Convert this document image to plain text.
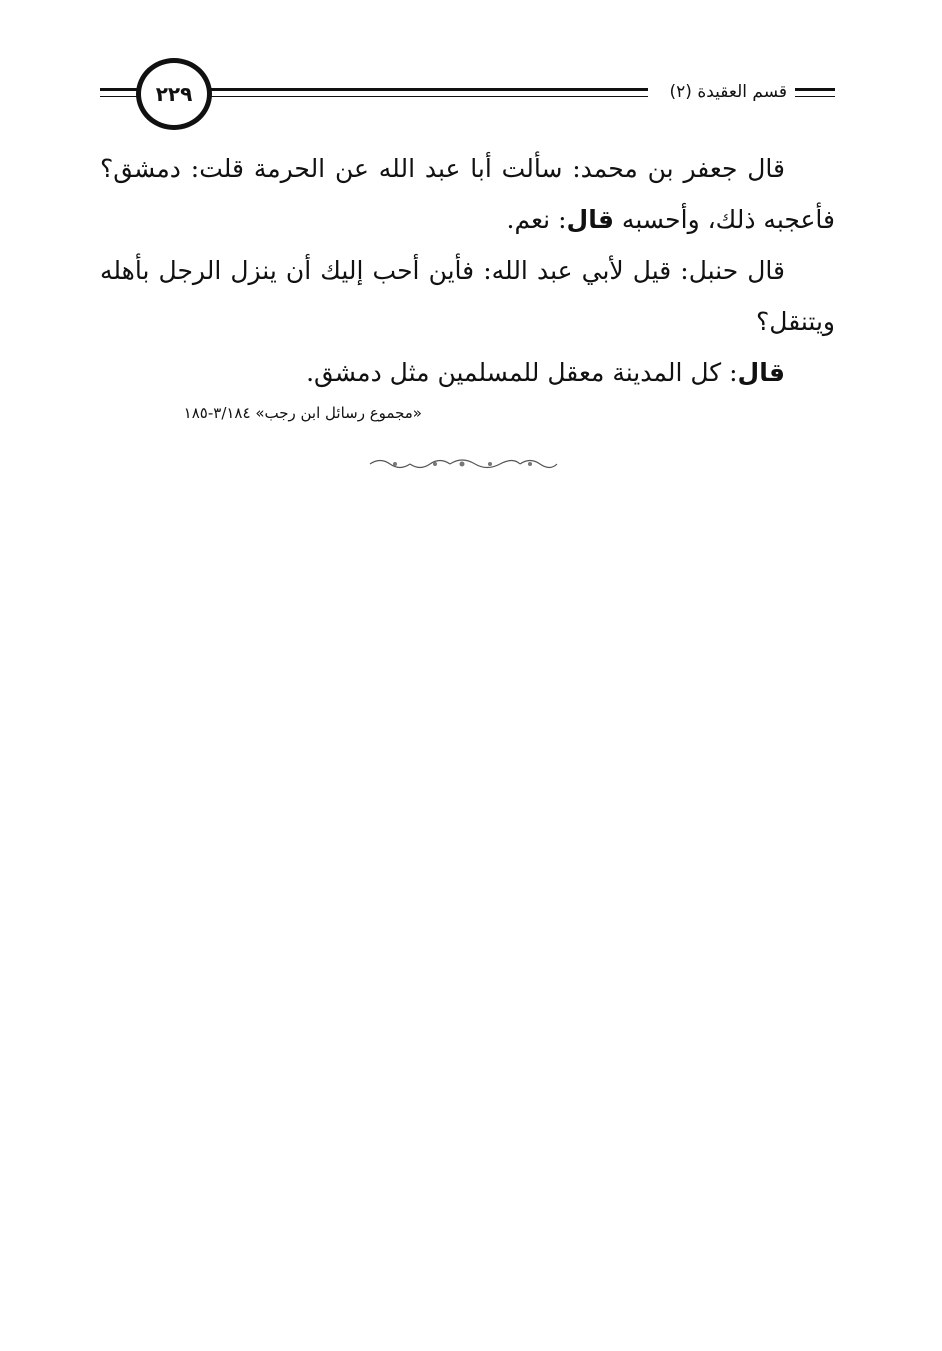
٢٢٩	قسم العقيدة (٢)

قال جعفر بن محمد: سألت أبا عبد الله عن الحرمة قلت: دمشق؟ فأعجبه ذلك، وأحسبه قال: نعم.

قال حنبل: قيل لأبي عبد الله: فأين أحب إليك أن ينزل الرجل بأهله ويتنقل؟

قال: كل المدينة معقل للمسلمين مثل دمشق.

«مجموع رسائل ابن رجب» ٣/١٨٤-١٨٥
